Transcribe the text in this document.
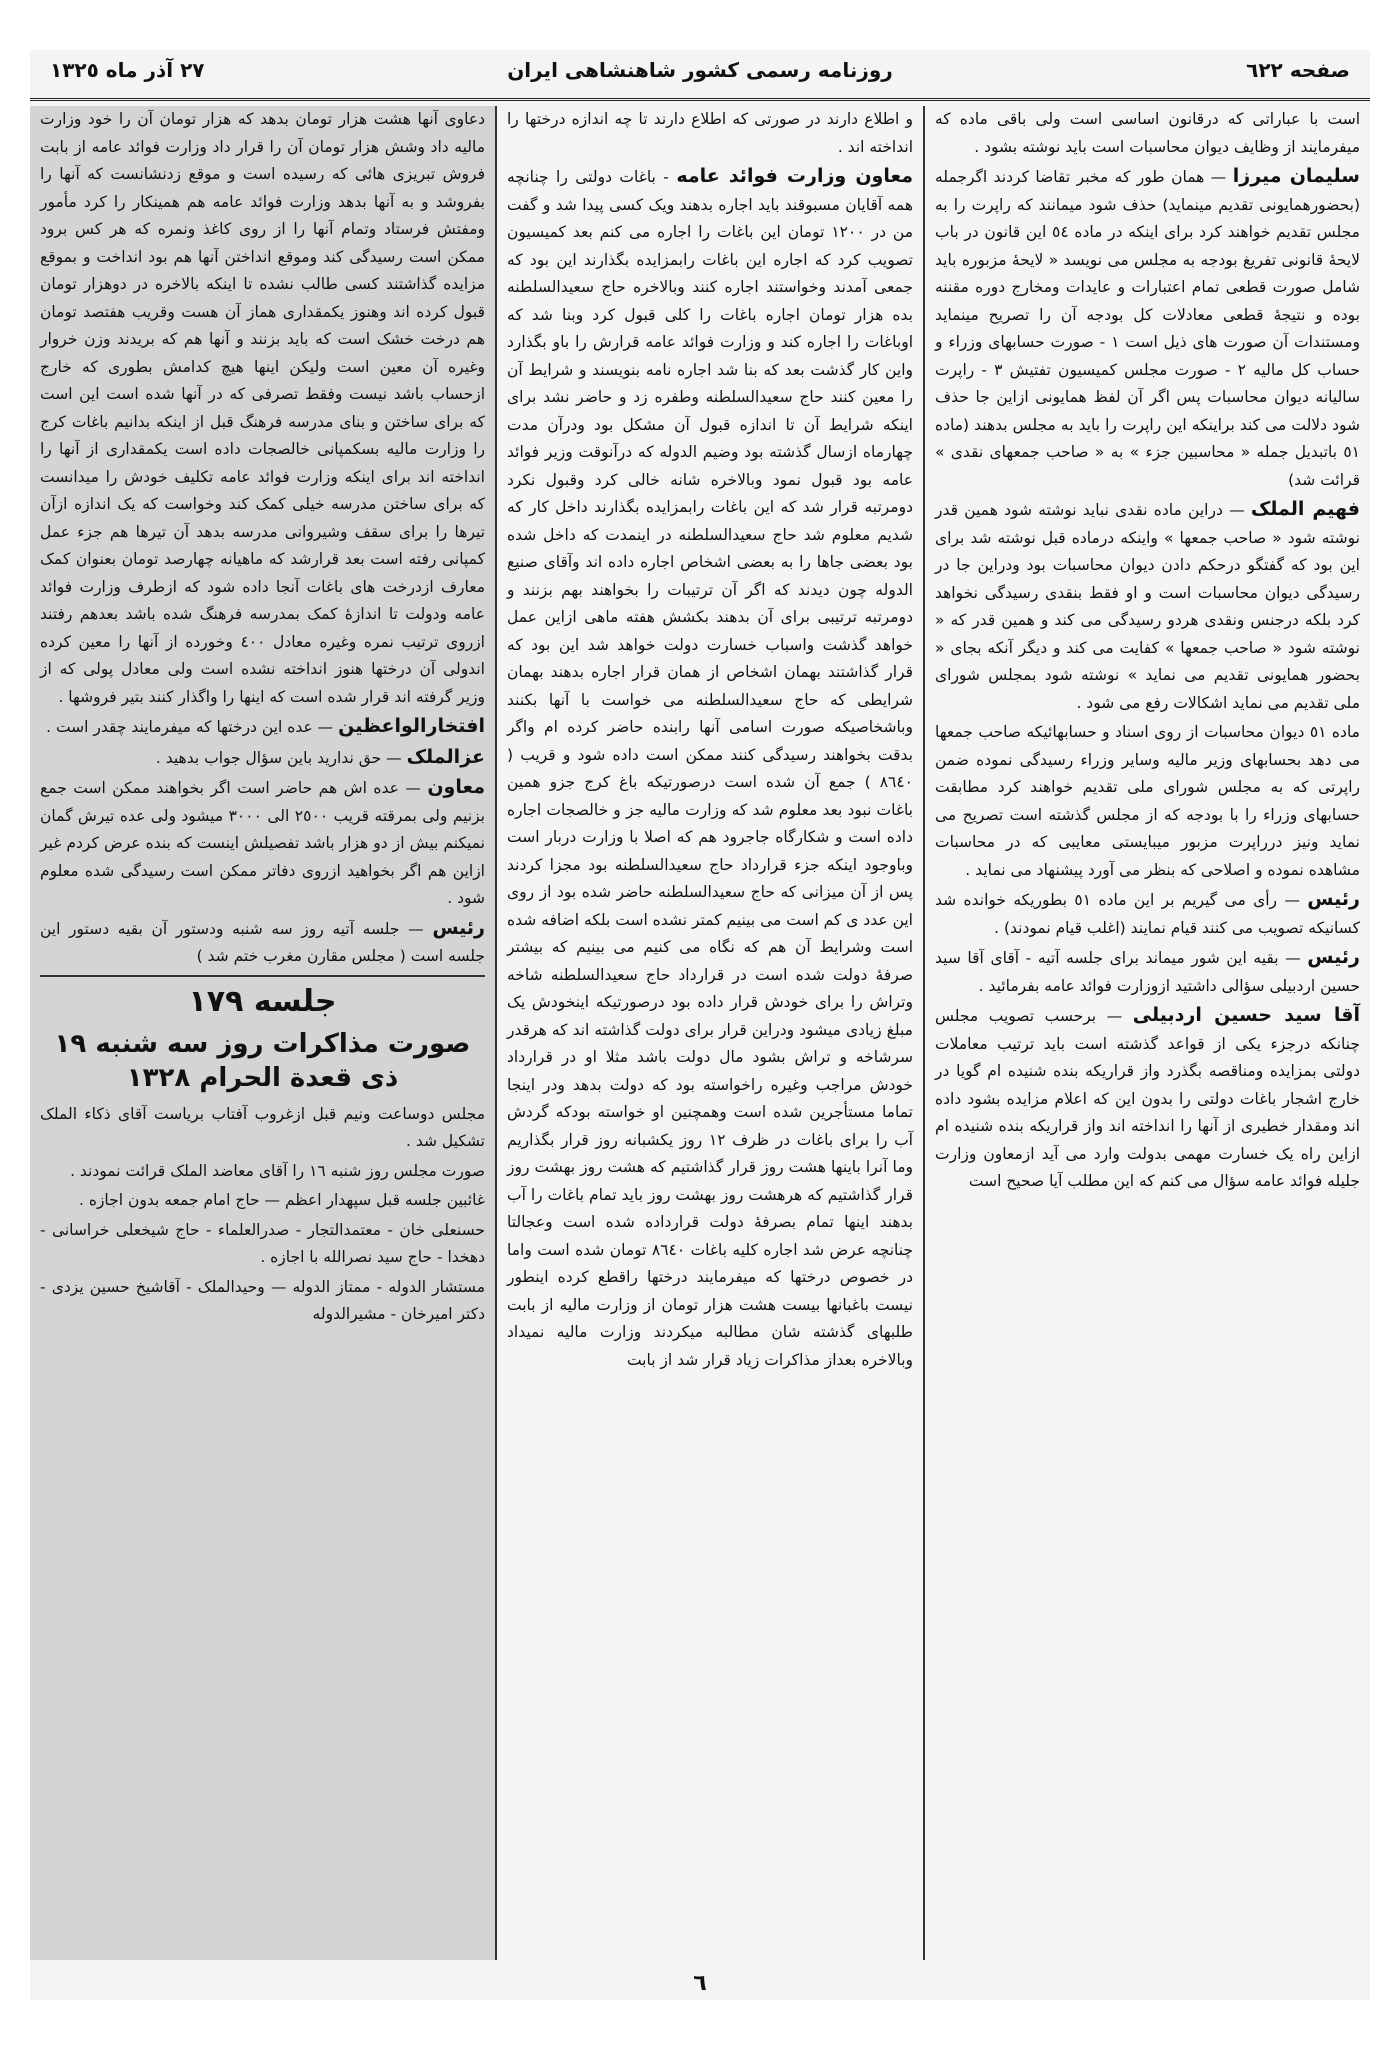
صفحه ٦٢٢
روزنامه رسمی کشور شاهنشاهی ایران
٢٧ آذر ماه ١٣٢٥

است با عباراتی که درقانون اساسی است ولی باقی ماده که میفرمایند از وظایف دیوان محاسبات است باید نوشته بشود .

سلیمان میرزا — همان طور که مخبر تقاضا کردند اگرجمله (بحضورهمایونی تقدیم مینماید) حذف شود میمانند که راپرت را به مجلس تقدیم خواهند کرد برای اینکه در ماده ٥٤ این قانون در باب لایحهٔ قانونی تفریغ بودجه به مجلس می نویسد « لایحهٔ مزبوره باید شامل صورت قطعی تمام اعتبارات و عایدات ومخارج دوره مقننه بوده و نتیجهٔ قطعی معادلات کل بودجه آن را تصریح مینماید ومستندات آن صورت های ذیل است ١ - صورت حسابهای وزراء و حساب کل مالیه ٢ - صورت مجلس کمیسیون تفتیش ٣ - راپرت سالیانه دیوان محاسبات پس اگر آن لفظ همایونی ازاین جا حذف شود دلالت می کند براینکه این راپرت را باید به مجلس بدهند (ماده ٥١ باتبدیل جمله « محاسبین جزء » به « صاحب جمعهای نقدی » قرائت شد)

فهیم الملک — دراین ماده نقدی نباید نوشته شود همین قدر نوشته شود « صاحب جمعها » واینکه درماده قبل نوشته شد برای این بود که گفتگو درحکم دادن دیوان محاسبات بود ودراین جا در رسیدگی دیوان محاسبات است و او فقط بنقدی رسیدگی نخواهد کرد بلکه درجنس ونقدی هردو رسیدگی می کند و همین قدر که « نوشته شود « صاحب جمعها » کفایت می کند و دیگر آنکه بجای « بحضور همایونی تقدیم می نماید » نوشته شود بمجلس شورای ملی تقدیم می نماید اشکالات رفع می شود .

ماده ٥١ دیوان محاسبات از روی اسناد و حسابهائیکه صاحب جمعها می دهد بحسابهای وزیر مالیه وسایر وزراء رسیدگی نموده ضمن راپرتی که به مجلس شورای ملی تقدیم خواهند کرد مطابقت حسابهای وزراء را با بودجه که از مجلس گذشته است تصریح می نماید ونیز درراپرت مزبور میبایستی معایبی که در محاسبات مشاهده نموده و اصلاحی که بنظر می آورد پیشنهاد می نماید .

رئیس — رأی می گیریم بر این ماده ٥١ بطوریکه خوانده شد کسانیکه تصویب می کنند قیام نمایند (اغلب قیام نمودند) .

رئیس — بقیه این شور میماند برای جلسه آتیه - آقای آقا سید حسین اردبیلی سؤالی داشتید ازوزارت فوائد عامه بفرمائید .

آقا سید حسین اردبیلی — برحسب تصویب مجلس چنانکه درجزء یکی از قواعد گذشته است باید ترتیب معاملات دولتی بمزایده ومناقصه بگذرد واز قراریکه بنده شنیده ام گویا در خارج اشجار باغات دولتی را بدون این که اعلام مزایده بشود داده اند ومقدار خطیری از آنها را انداخته اند واز قراریکه بنده شنیده ام ازاین راه یک خسارت مهمی بدولت وارد می آید ازمعاون وزارت جلیله فوائد عامه سؤال می کنم که این مطلب آیا صحیح است

و اطلاع دارند در صورتی که اطلاع دارند تا چه اندازه درختها را انداخته اند .

معاون وزارت فوائد عامه - باغات دولتی را چنانچه همه آقایان مسبوقند باید اجاره بدهند ویک کسی پیدا شد و گفت من در ١٢٠٠ تومان این باغات را اجاره می کنم بعد کمیسیون تصویب کرد که اجاره این باغات رابمزایده بگذارند این بود که جمعی آمدند وخواستند اجاره کنند وبالاخره حاج سعیدالسلطنه بده هزار تومان اجاره باغات را کلی قبول کرد وبنا شد که اوباغات را اجاره کند و وزارت فوائد عامه قرارش را باو بگذارد واین کار گذشت بعد که بنا شد اجاره نامه بنویسند و شرایط آن را معین کنند حاج سعیدالسلطنه وطفره زد و حاضر نشد برای اینکه شرایط آن تا اندازه قبول آن مشکل بود ودرآن مدت چهارماه ازسال گذشته بود وضیم الدوله که درآنوقت وزیر فوائد عامه بود قبول نمود وبالاخره شانه خالی کرد وقبول نکرد دومرتبه قرار شد که این باغات رابمزایده بگذارند داخل کار که شدیم معلوم شد حاج سعیدالسلطنه در اینمدت که داخل شده بود بعضی جاها را به بعضی اشخاص اجاره داده اند وآقای صنیع الدوله چون دیدند که اگر آن ترتیبات را بخواهند بهم بزنند و دومرتبه ترتیبی برای آن بدهند بکشش هفته ماهی ازاین عمل خواهد گذشت واسباب خسارت دولت خواهد شد این بود که قرار گذاشتند بهمان اشخاص از همان قرار اجاره بدهند بهمان شرایطی که حاج سعیدالسلطنه می خواست با آنها بکنند وباشخاصیکه صورت اسامی آنها رابنده حاضر کرده ام واگر بدقت بخواهند رسیدگی کنند ممکن است داده شود و قریب ( ٨٦٤٠ ) جمع آن شده است درصورتیکه باغ کرج جزو همین باغات نبود بعد معلوم شد که وزارت مالیه جز و خالصجات اجاره داده است و شکارگاه جاجرود هم که اصلا با وزارت دربار است وباوجود اینکه جزء قرارداد حاج سعیدالسلطنه بود مجزا کردند پس از آن میزانی که حاج سعیدالسلطنه حاضر شده بود از روی این عدد ی کم است می بینیم کمتر نشده است بلکه اضافه شده است وشرایط آن هم که نگاه می کنیم می بینیم که بیشتر صرفهٔ دولت شده است در قرارداد حاج سعیدالسلطنه شاخه وتراش را برای خودش قرار داده بود درصورتیکه اینخودش یک مبلغ زیادی میشود ودراین قرار برای دولت گذاشته اند که هرقدر سرشاخه و تراش بشود مال دولت باشد مثلا او در قرارداد خودش مراجب وغیره راخواسته بود که دولت بدهد ودر اینجا تماما مستأجرین شده است وهمچنین او خواسته بودکه گردش آب را برای باغات در ظرف ١٢ روز یکشبانه روز قرار بگذاریم وما آنرا باینها هشت روز قرار گذاشتیم که هشت روز بهشت روز قرار گذاشتیم که هرهشت روز بهشت روز باید تمام باغات را آب بدهند اینها تمام بصرفهٔ دولت قرارداده شده است وعجالتا چنانچه عرض شد اجاره کلیه باغات ٨٦٤٠ تومان شده است واما در خصوص درختها که میفرمایند درختها راقطع کرده اینطور نیست باغبانها بیست هشت هزار تومان از وزارت مالیه از بابت طلبهای گذشته شان مطالبه میکردند وزارت مالیه نمیداد وبالاخره بعداز مذاکرات زیاد قرار شد از بابت

دعاوی آنها هشت هزار تومان بدهد که هزار تومان آن را خود وزارت مالیه داد وشش هزار تومان آن را قرار داد وزارت فوائد عامه از بابت فروش تبریزی هائی که رسیده است و موقع زدنشانست که آنها را بفروشد و به آنها بدهد وزارت فوائد عامه هم همینکار را کرد مأمور ومفتش فرستاد وتمام آنها را از روی کاغذ ونمره که هر کس برود ممکن است رسیدگی کند وموقع انداختن آنها هم بود انداخت و بموقع مزایده گذاشتند کسی طالب نشده تا اینکه بالاخره در دوهزار تومان قبول کرده اند وهنوز یکمقداری هماز آن هست وقریب هفتصد تومان هم درخت خشک است که باید بزنند و آنها هم که بریدند وزن خروار وغیره آن معین است ولیکن اینها هیچ کدامش بطوری که خارج ازحساب باشد نیست وفقط تصرفی که در آنها شده است این است که برای ساختن و بنای مدرسه فرهنگ قبل از اینکه بدانیم باغات کرج را وزارت مالیه بسکمپانی خالصجات داده است یکمقداری از آنها را انداخته اند برای اینکه وزارت فوائد عامه تکلیف خودش را میدانست که برای ساختن مدرسه خیلی کمک کند وخواست که یک اندازه ازآن تیرها را برای سقف وشیروانی مدرسه بدهد آن تیرها هم جزء عمل کمپانی رفته است بعد قرارشد که ماهیانه چهارصد تومان بعنوان کمک معارف ازدرخت های باغات آنجا داده شود که ازطرف وزارت فوائد عامه ودولت تا اندازهٔ کمک بمدرسه فرهنگ شده باشد بعدهم رفتند ازروی ترتیب نمره وغیره معادل ٤٠٠ وخورده از آنها را معین کرده اندولی آن درختها هنوز انداخته نشده است ولی معادل پولی که از وزیر گرفته اند قرار شده است که اینها را واگذار کنند بتیر فروشها .

افتخارالواعظین — عده این درختها که میفرمایند چقدر است .

عزالملک — حق ندارید باین سؤال جواب بدهید .

معاون — عده اش هم حاضر است اگر بخواهند ممکن است جمع بزنیم ولی بمرقته قریب ٢٥٠٠ الی ٣٠٠٠ میشود ولی عده تیرش گمان نمیکنم بیش از دو هزار باشد تفصیلش اینست که بنده عرض کردم غیر ازاین هم اگر بخواهید ازروی دفاتر ممکن است رسیدگی شده معلوم شود .

رئیس — جلسه آتیه روز سه شنبه ودستور آن بقیه دستور این جلسه است ( مجلس مقارن مغرب ختم شد )

جلسه ١٧٩
صورت مذاکرات روز سه شنبه ١٩ ذی قعدة الحرام ١٣٢٨

مجلس دوساعت ونیم قبل ازغروب آفتاب بریاست آقای ذکاء الملک تشکیل شد .

صورت مجلس روز شنبه ١٦ را آقای معاضد الملک قرائت نمودند .

غائبین جلسه قبل سپهدار اعظم — حاج امام جمعه بدون اجازه .

حسنعلی خان - معتمدالتجار - صدرالعلماء - حاج شیخعلی خراسانی - دهخدا - حاج سید نصرالله با اجازه .

مستشار الدوله - ممتاز الدوله — وحیدالملک - آقاشیخ حسین یزدی - دکتر امیرخان - مشیرالدوله

٦
